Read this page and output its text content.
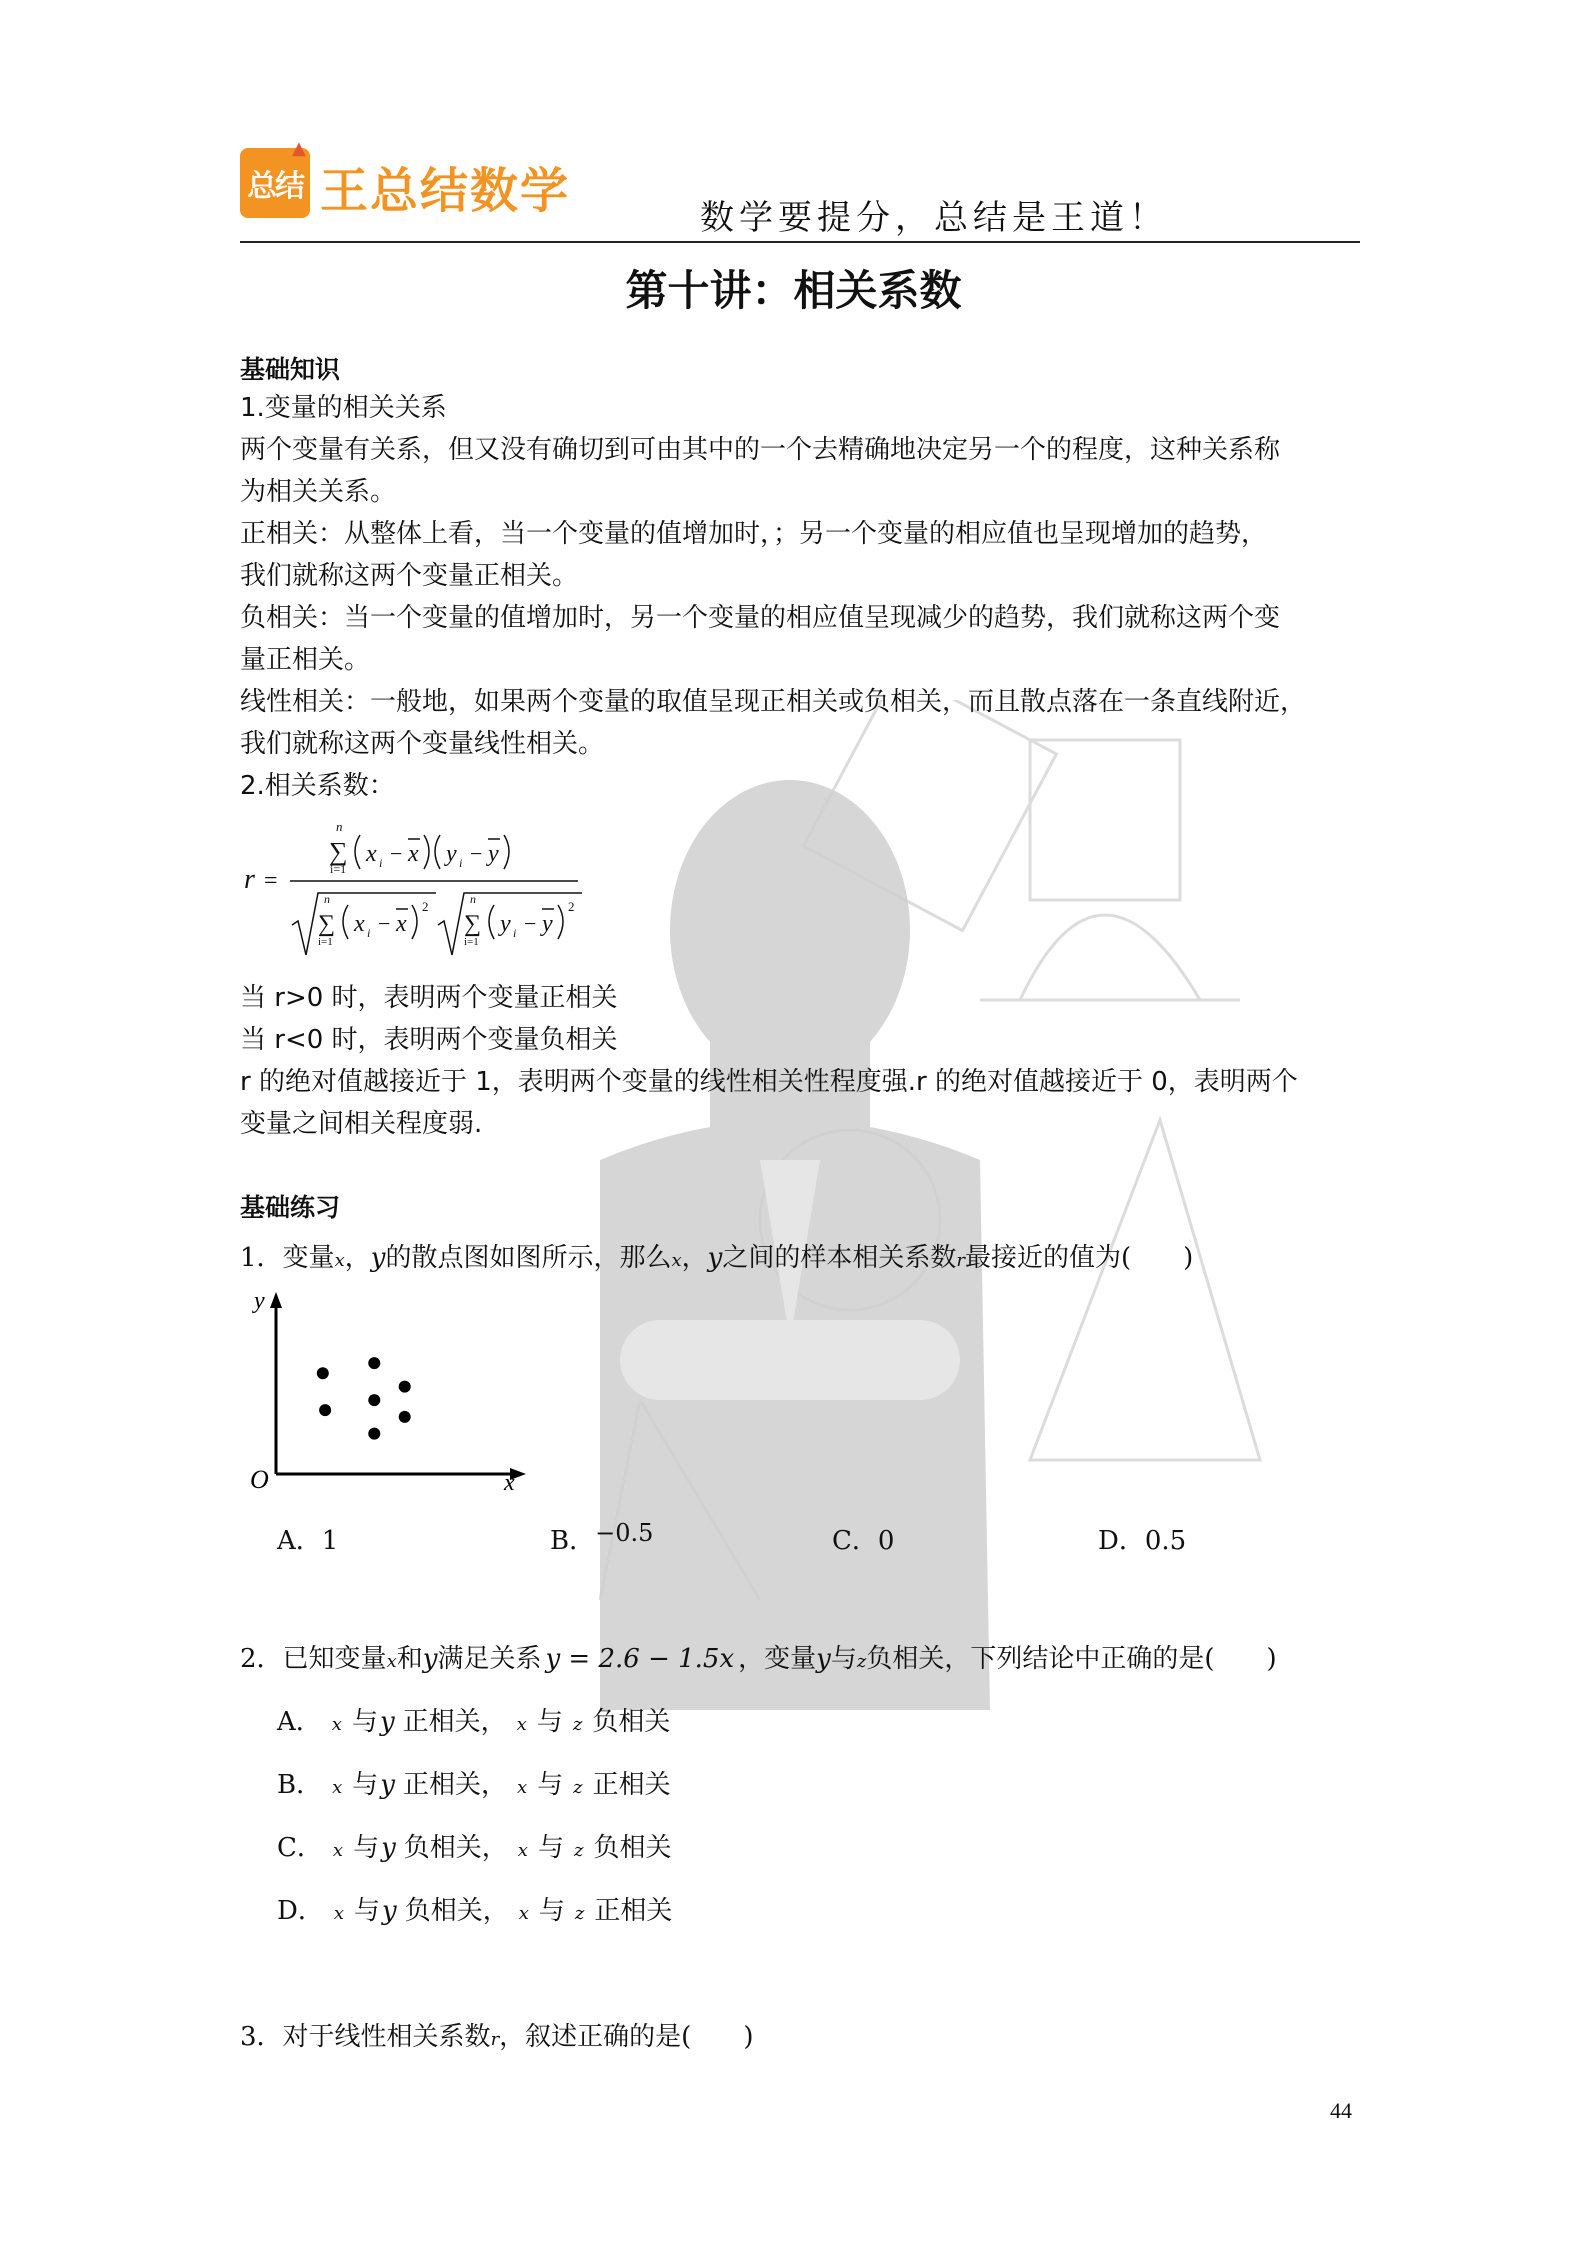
总结
▲
王总结数学	数学要提分，总结是王道！
第十讲：相关系数
基础知识
1.变量的相关关系
两个变量有关系，但又没有确切到可由其中的一个去精确地决定另一个的程度，这种关系称
为相关关系。
正相关：从整体上看，当一个变量的值增加时，；另一个变量的相应值也呈现增加的趋势，
我们就称这两个变量正相关。
负相关：当一个变量的值增加时，另一个变量的相应值呈现减少的趋势，我们就称这两个变
量正相关。
线性相关：一般地，如果两个变量的取值呈现正相关或负相关，而且散点落在一条直线附近，
我们就称这两个变量线性相关。
2.相关系数：
r =
n
∑
i=1
x i − x y i − y
n
∑
i=1
x i − x
2	n
∑
i=1
y i − y
2
当 r>0 时，表明两个变量正相关
当 r<0 时，表明两个变量负相关
r 的绝对值越接近于 1，表明两个变量的线性相关性程度强.r 的绝对值越接近于 0，表明两个
变量之间相关程度弱.
基础练习
1．变量x，y的散点图如图所示，那么x，y之间的样本相关系数r最接近的值为(　　)
O	x
y
A．1	B．−0.5	C．0	D．0.5
2．已知变量x和y满足关系 y = 2.6 − 1.5x ，变量y与z负相关，下列结论中正确的是(　　)
A． x 与y 正相关， x 与 z 负相关
B． x 与y 正相关， x 与 z 正相关
C． x 与y 负相关， x 与 z 负相关
D． x 与y 负相关， x 与 z 正相关
3．对于线性相关系数r，叙述正确的是(　　)
44
